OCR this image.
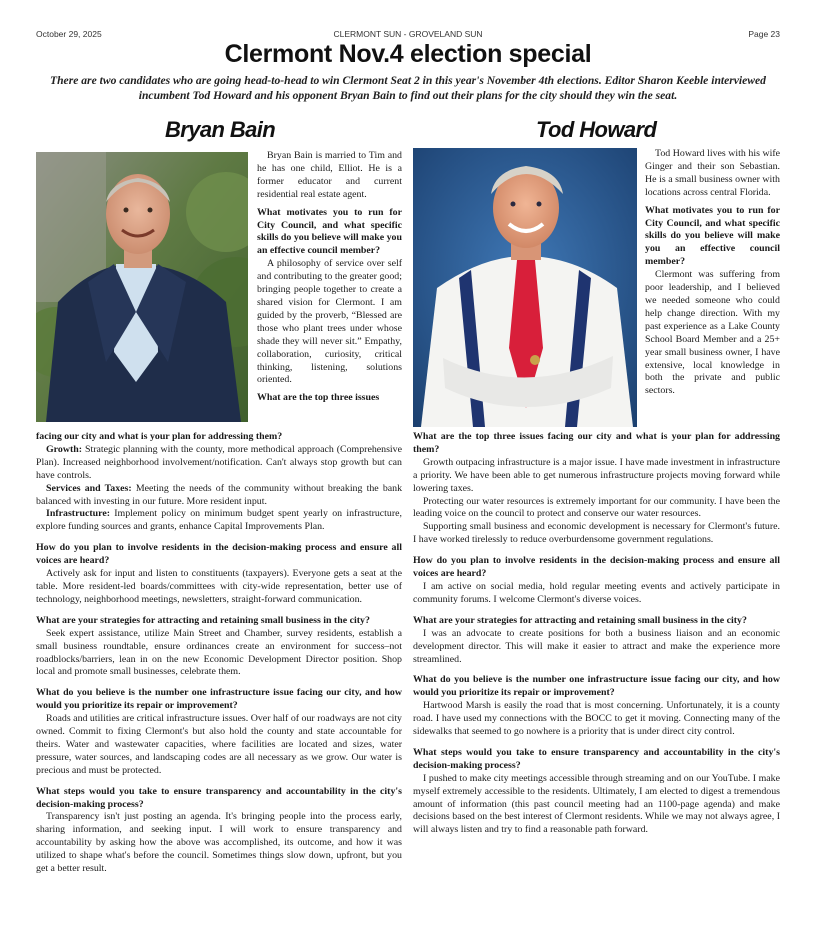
October 29, 2025	CLERMONT SUN - GROVELAND SUN	Page 23
Clermont Nov.4 election special
There are two candidates who are going head-to-head to win Clermont Seat 2 in this year's November 4th elections. Editor Sharon Keeble interviewed incumbent Tod Howard and his opponent Bryan Bain to find out their plans for the city should they win the seat.
Bryan Bain	Tod Howard

Bryan Bain is married to Tim and he has one child, Elliot. He is a former educator and current residential real estate agent.

What motivates you to run for City Council, and what specific skills do you believe will make you an effective council member?

A philosophy of service over self and contributing to the greater good; bringing people together to create a shared vision for Clermont. I am guided by the proverb, “Blessed are those who plant trees under whose shade they will never sit.” Empathy, collaboration, curiosity, critical thinking, listening, solutions oriented.

What are the top three issues

facing our city and what is your plan for addressing them?

Growth: Strategic planning with the county, more methodical approach (Comprehensive Plan). Increased neighborhood involvement/notification. Can't always stop growth but can have controls.

Services and Taxes: Meeting the needs of the community without breaking the bank balanced with investing in our future. More resident input.

Infrastructure: Implement policy on minimum budget spent yearly on infrastructure, explore funding sources and grants, enhance Capital Improvements Plan.

How do you plan to involve residents in the decision-making process and ensure all voices are heard?

Actively ask for input and listen to constituents (taxpayers). Everyone gets a seat at the table. More resident-led boards/committees with city-wide representation, better use of technology, neighborhood meetings, newsletters, straight-forward communication.

What are your strategies for attracting and retaining small business in the city?

Seek expert assistance, utilize Main Street and Chamber, survey residents, establish a small business roundtable, ensure ordinances create an environment for success–not roadblocks/barriers, lean in on the new Economic Development Director position. Shop local and promote small businesses, celebrate them.

What do you believe is the number one infrastructure issue facing our city, and how would you prioritize its repair or improvement?

Roads and utilities are critical infrastructure issues. Over half of our roadways are not city owned. Commit to fixing Clermont's but also hold the county and state accountable for theirs. Water and wastewater capacities, where facilities are located and sizes, water pressure, water sources, and landscaping codes are all necessary as we grow. Our water is precious and must be protected.

What steps would you take to ensure transparency and accountability in the city's decision-making process?

Transparency isn't just posting an agenda. It's bringing people into the process early, sharing information, and seeking input. I will work to ensure transparency and accountability by asking how the above was accomplished, its outcome, and how it was utilized to shape what's before the council. Sometimes things slow down, upfront, but you get a better result.

Tod Howard lives with his wife Ginger and their son Sebastian. He is a small business owner with locations across central Florida.

What motivates you to run for City Council, and what specific skills do you believe will make you an effective council member?

Clermont was suffering from poor leadership, and I believed we needed someone who could help change direction. With my past experience as a Lake County School Board Member and a 25+ year small business owner, I have extensive, local knowledge in both the private and public sectors.

What are the top three issues facing our city and what is your plan for addressing them?

Growth outpacing infrastructure is a major issue. I have made investment in infrastructure a priority. We have been able to get numerous infrastructure projects moving forward while lowering taxes.

Protecting our water resources is extremely important for our community. I have been the leading voice on the council to protect and conserve our water resources.

Supporting small business and economic development is necessary for Clermont's future. I have worked tirelessly to reduce overburdensome government regulations.

How do you plan to involve residents in the decision-making process and ensure all voices are heard?

I am active on social media, hold regular meeting events and actively participate in community forums. I welcome Clermont's diverse voices.

What are your strategies for attracting and retaining small business in the city?

I was an advocate to create positions for both a business liaison and an economic development director. This will make it easier to attract and make the experience more streamlined.

What do you believe is the number one infrastructure issue facing our city, and how would you prioritize its repair or improvement?

Hartwood Marsh is easily the road that is most concerning. Unfortunately, it is a county road. I have used my connections with the BOCC to get it moving. Connecting many of the sidewalks that seemed to go nowhere is a priority that is under direct city control.

What steps would you take to ensure transparency and accountability in the city's decision-making process?

I pushed to make city meetings accessible through streaming and on our YouTube. I make myself extremely accessible to the residents. Ultimately, I am elected to digest a tremendous amount of information (this past council meeting had an 1100-page agenda) and make decisions based on the best interest of Clermont residents. While we may not always agree, I will always listen and try to find a reasonable path forward.
